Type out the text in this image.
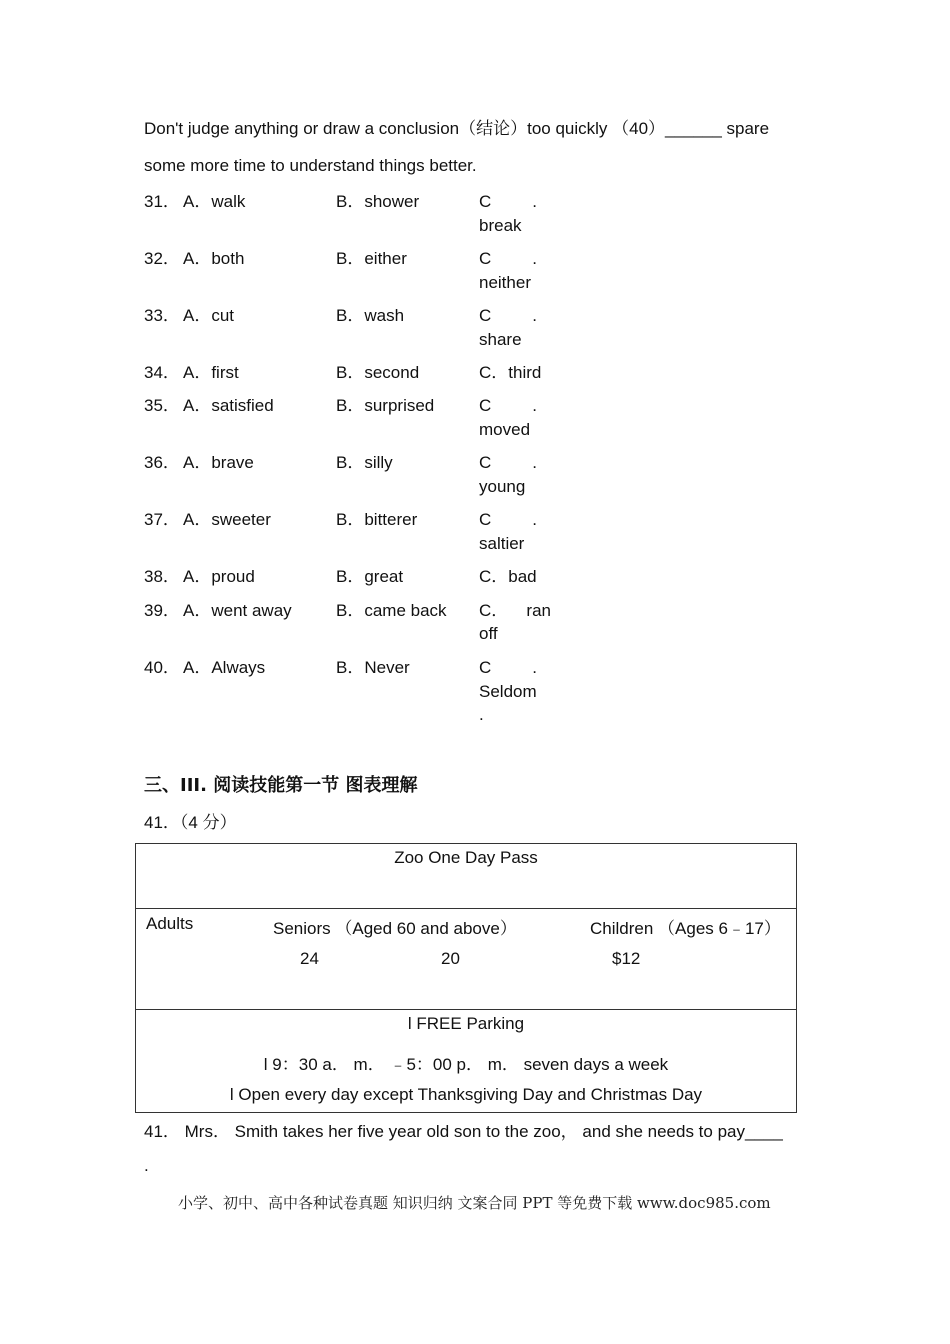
Don't judge anything or draw a conclusion（结论）too quickly （40）______ spare
some more time to understand things better.
31． A．walk	B．shower	C .
break
32． A．both	B．either	C .
neither
33． A．cut	B．wash	C .
share
34． A．first	B．second	C．third
35． A．satisfied	B．surprised	C .
moved
36． A．brave	B．silly	C .
young
37． A．sweeter	B．bitterer	C .
saltier
38． A．proud	B．great	C．bad
39． A．went away	B．came back C． ran
off
40． A．Always	B．Never	C .
Seldom
.
三、III. 阅读技能第一节 图表理解
41．（4 分）
Zoo One Day Pass
Adults	Seniors （Aged 60 and above）	Children （Ages 6﹣17）
24	20	$12
l FREE Parking
l 9：30 a． m． ﹣5：00 p． m． seven days a week
l Open every day except Thanksgiving Day and Christmas Day
41． Mrs． Smith takes her five year old son to the zoo， and she needs to pay____
.
小学、初中、高中各种试卷真题 知识归纳 文案合同 PPT 等免费下载 www.doc985.com
